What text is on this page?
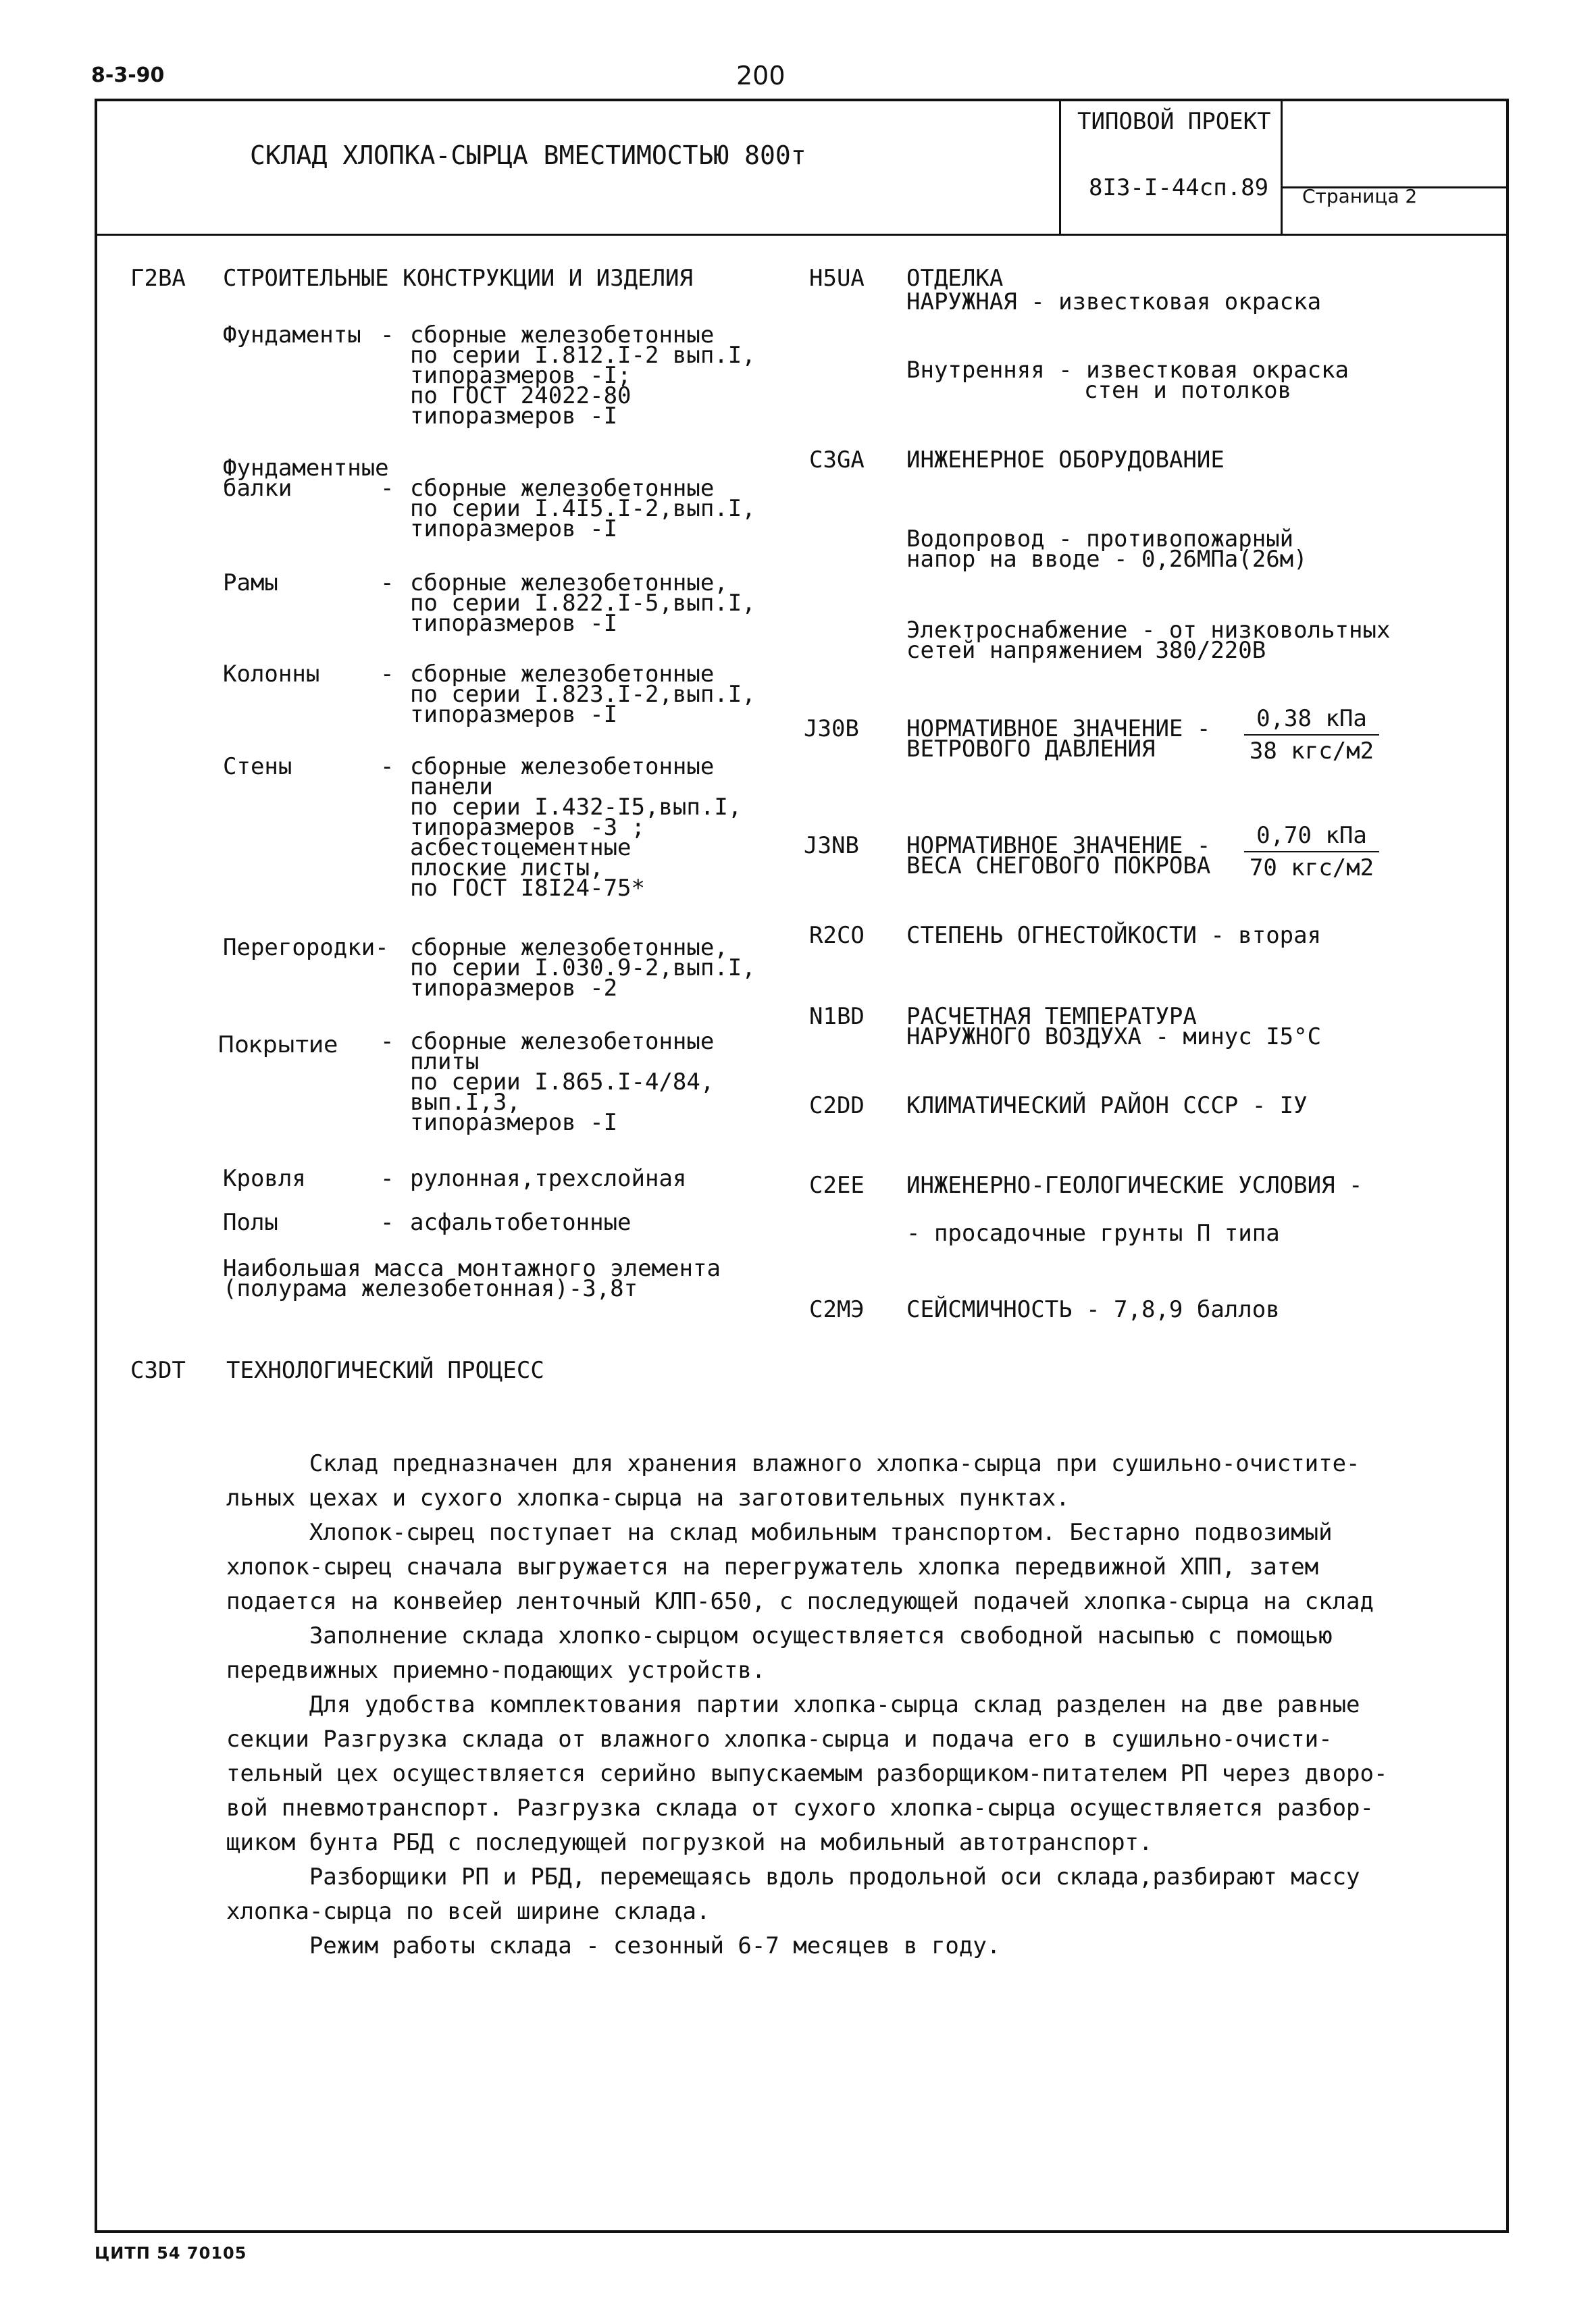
8-3-90	200
СКЛАД ХЛОПКА-СЫРЦА ВМЕСТИМОСТЬЮ 800т
ТИПОВОЙ ПРОЕКТ
8I3-I-44сп.89 Страница 2
Г2ВА СТРОИТЕЛЬНЫЕ КОНСТРУКЦИИ И ИЗДЕЛИЯ
Фундаменты - сборные железобетонные
по серии I.812.I-2 вып.I,
типоразмеров -I;
по ГОСТ 24022-80
типоразмеров -I
Фундаментные
балки	- сборные железобетонные
по серии I.4I5.I-2,вып.I,
типоразмеров -I
Рамы	- сборные железобетонные,
по серии I.822.I-5,вып.I,
типоразмеров -I
Колонны	- сборные железобетонные
по серии I.823.I-2,вып.I,
типоразмеров -I
Стены	- сборные железобетонные
панели
по серии I.432-I5,вып.I,
типоразмеров -3 ;
асбестоцементные
плоские листы,
по ГОСТ I8I24-75*
Перегородки- сборные железобетонные,
по серии I.030.9-2,вып.I,
типоразмеров -2
Покрытие - сборные железобетонные
плиты
по серии I.865.I-4/84,
вып.I,3,
типоразмеров -I
Кровля	- рулонная,трехслойная
Полы	- асфальтобетонные
Наибольшая масса монтажного элемента
(полурама железобетонная)-3,8т
Н5UА ОТДЕЛКА
НАРУЖНАЯ - известковая окраска
Внутренняя - известковая окраска
стен и потолков
С3GА ИНЖЕНЕРНОЕ ОБОРУДОВАНИЕ
Водопровод - противопожарный
напор на вводе - 0,26МПа(26м)
Электроснабжение - от низковольтных
сетей напряжением 380/220В
J30В НОРМАТИВНОЕ ЗНАЧЕНИЕ -
ВЕТРОВОГО ДАВЛЕНИЯ
0,38 кПа
38 кгс/м2
J3NВ НОРМАТИВНОЕ ЗНАЧЕНИЕ -
ВЕСА СНЕГОВОГО ПОКРОВА
0,70 кПа
70 кгс/м2
R2СО СТЕПЕНЬ ОГНЕСТОЙКОСТИ - вторая
N1ВD РАСЧЕТНАЯ ТЕМПЕРАТУРА
НАРУЖНОГО ВОЗДУХА - минус I5°С
С2DD КЛИМАТИЧЕСКИЙ РАЙОН СССР - IУ
С2ЕЕ ИНЖЕНЕРНО-ГЕОЛОГИЧЕСКИЕ УСЛОВИЯ -
- просадочные грунты П типа
С2МЭ СЕЙСМИЧНОСТЬ - 7,8,9 баллов
С3DТ ТЕХНОЛОГИЧЕСКИЙ ПРОЦЕСС
Склад предназначен для хранения влажного хлопка-сырца при сушильно-очистите-
льных цехах и сухого хлопка-сырца на заготовительных пунктах.
Хлопок-сырец поступает на склад мобильным транспортом. Бестарно подвозимый
хлопок-сырец сначала выгружается на перегружатель хлопка передвижной ХПП, затем
подается на конвейер ленточный КЛП-650, с последующей подачей хлопка-сырца на склад
Заполнение склада хлопко-сырцом осуществляется свободной насыпью с помощью
передвижных приемно-подающих устройств.
Для удобства комплектования партии хлопка-сырца склад разделен на две равные
секции Разгрузка склада от влажного хлопка-сырца и подача его в сушильно-очисти-
тельный цех осуществляется серийно выпускаемым разборщиком-питателем РП через дворо-
вой пневмотранспорт. Разгрузка склада от сухого хлопка-сырца осуществляется разбор-
щиком бунта РБД с последующей погрузкой на мобильный автотранспорт.
Разборщики РП и РБД, перемещаясь вдоль продольной оси склада,разбирают массу
хлопка-сырца по всей ширине склада.
Режим работы склада - сезонный 6-7 месяцев в году.
ЦИТП 54 70105
